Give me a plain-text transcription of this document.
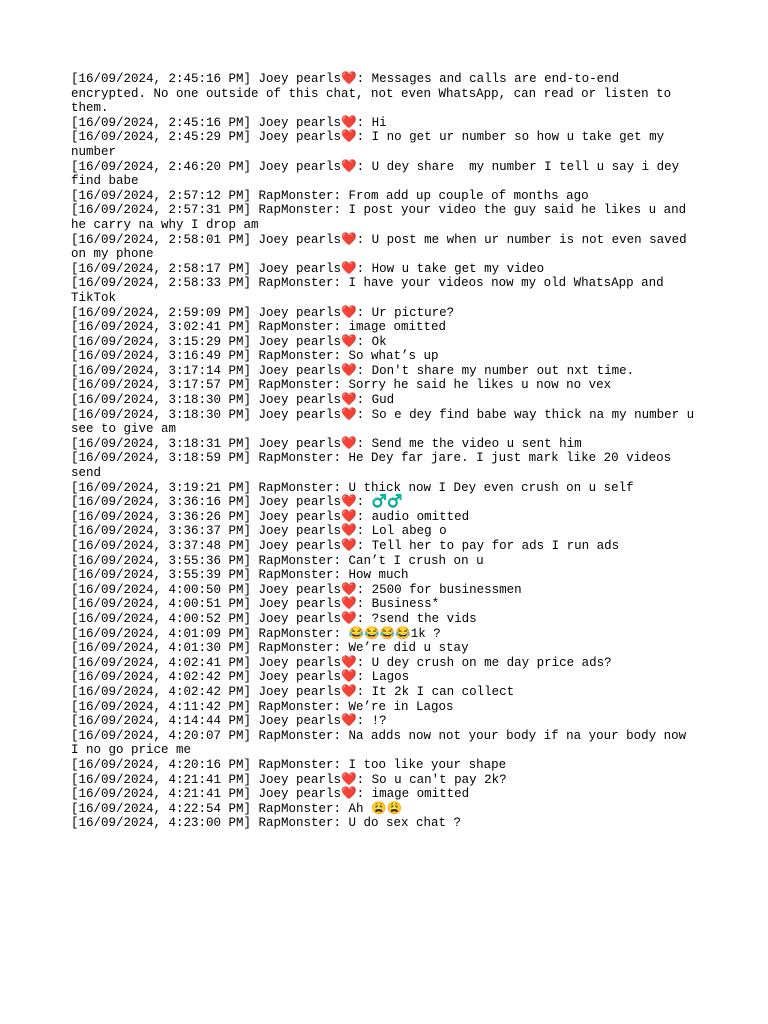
[16/09/2024, 2:45:16 PM] Joey pearls❤️: Messages and calls are end-to-end encrypted. No one outside of this chat, not even WhatsApp, can read or listen to them.

[16/09/2024, 2:45:16 PM] Joey pearls❤️: Hi

[16/09/2024, 2:45:29 PM] Joey pearls❤️: I no get ur number so how u take get my number

[16/09/2024, 2:46:20 PM] Joey pearls❤️: U dey share  my number I tell u say i dey find babe

[16/09/2024, 2:57:12 PM] RapMonster: From add up couple of months ago

[16/09/2024, 2:57:31 PM] RapMonster: I post your video the guy said he likes u and he carry na why I drop am

[16/09/2024, 2:58:01 PM] Joey pearls❤️: U post me when ur number is not even saved on my phone

[16/09/2024, 2:58:17 PM] Joey pearls❤️: How u take get my video

[16/09/2024, 2:58:33 PM] RapMonster: I have your videos now my old WhatsApp and TikTok

[16/09/2024, 2:59:09 PM] Joey pearls❤️: Ur picture?

[16/09/2024, 3:02:41 PM] RapMonster: image omitted

[16/09/2024, 3:15:29 PM] Joey pearls❤️: Ok

[16/09/2024, 3:16:49 PM] RapMonster: So what’s up

[16/09/2024, 3:17:14 PM] Joey pearls❤️: Don't share my number out nxt time.

[16/09/2024, 3:17:57 PM] RapMonster: Sorry he said he likes u now no vex

[16/09/2024, 3:18:30 PM] Joey pearls❤️: Gud

[16/09/2024, 3:18:30 PM] Joey pearls❤️: So e dey find babe way thick na my number u see to give am

[16/09/2024, 3:18:31 PM] Joey pearls❤️: Send me the video u sent him

[16/09/2024, 3:18:59 PM] RapMonster: He Dey far jare. I just mark like 20 videos send

[16/09/2024, 3:19:21 PM] RapMonster: U thick now I Dey even crush on u self

[16/09/2024, 3:36:16 PM] Joey pearls❤️: ♂️♂️

[16/09/2024, 3:36:26 PM] Joey pearls❤️: audio omitted

[16/09/2024, 3:36:37 PM] Joey pearls❤️: Lol abeg o

[16/09/2024, 3:37:48 PM] Joey pearls❤️: Tell her to pay for ads I run ads

[16/09/2024, 3:55:36 PM] RapMonster: Can’t I crush on u

[16/09/2024, 3:55:39 PM] RapMonster: How much

[16/09/2024, 4:00:50 PM] Joey pearls❤️: 2500 for businessmen

[16/09/2024, 4:00:51 PM] Joey pearls❤️: Business*

[16/09/2024, 4:00:52 PM] Joey pearls❤️: ?send the vids

[16/09/2024, 4:01:09 PM] RapMonster: 😂😂😂😂1k ?

[16/09/2024, 4:01:30 PM] RapMonster: We’re did u stay

[16/09/2024, 4:02:41 PM] Joey pearls❤️: U dey crush on me day price ads?

[16/09/2024, 4:02:42 PM] Joey pearls❤️: Lagos

[16/09/2024, 4:02:42 PM] Joey pearls❤️: It 2k I can collect

[16/09/2024, 4:11:42 PM] RapMonster: We’re in Lagos

[16/09/2024, 4:14:44 PM] Joey pearls❤️: !?

[16/09/2024, 4:20:07 PM] RapMonster: Na adds now not your body if na your body now I no go price me

[16/09/2024, 4:20:16 PM] RapMonster: I too like your shape

[16/09/2024, 4:21:41 PM] Joey pearls❤️: So u can't pay 2k?

[16/09/2024, 4:21:41 PM] Joey pearls❤️: image omitted

[16/09/2024, 4:22:54 PM] RapMonster: Ah 😩😩

[16/09/2024, 4:23:00 PM] RapMonster: U do sex chat ?
